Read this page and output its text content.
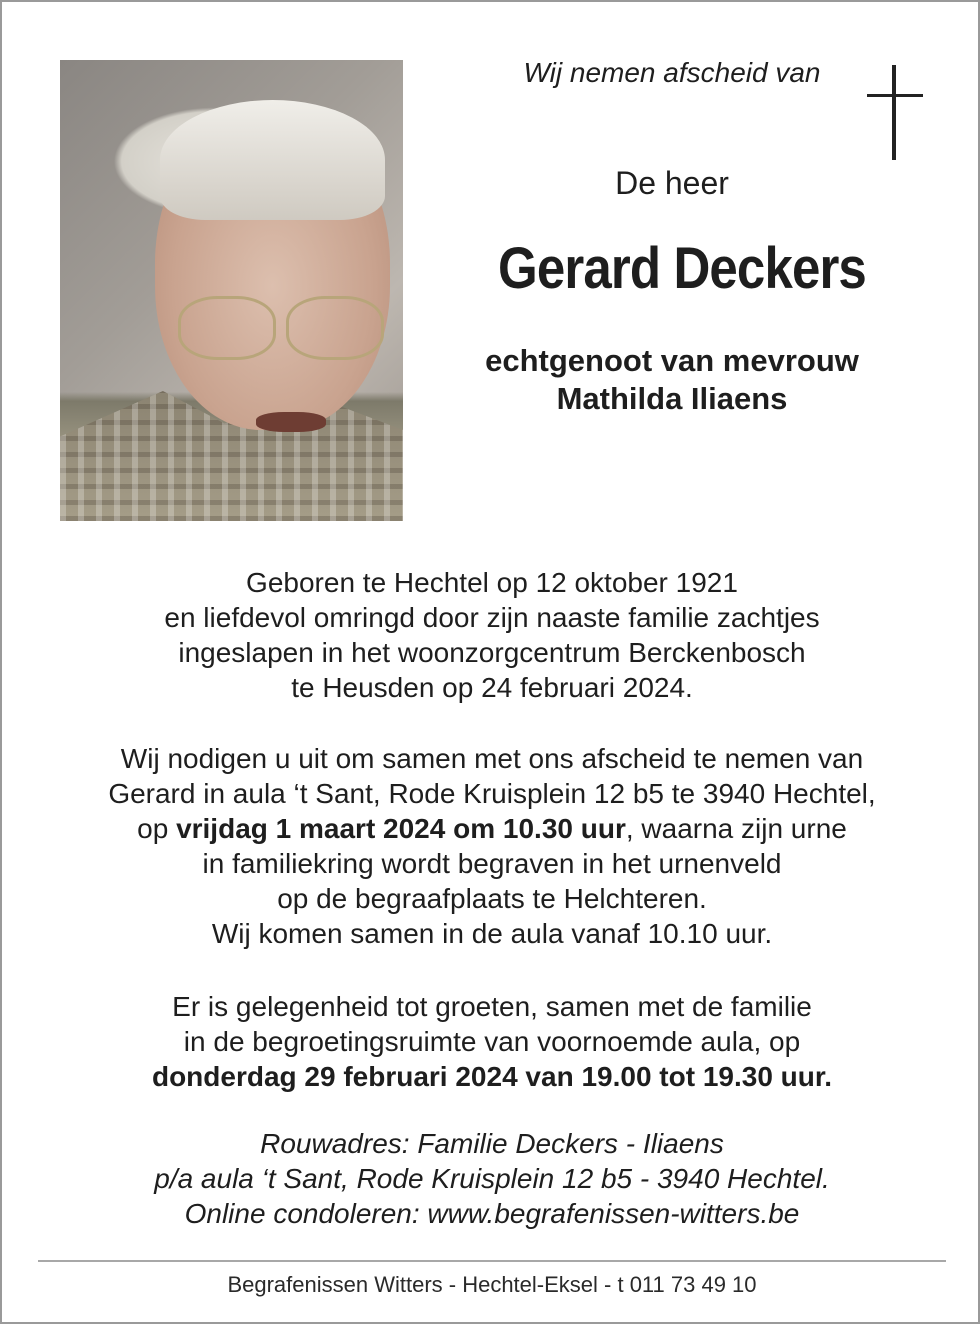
Wij nemen afscheid van
De heer
Gerard Deckers
echtgenoot van mevrouw
Mathilda Iliaens
Geboren te Hechtel op 12 oktober 1921
en liefdevol omringd door zijn naaste familie zachtjes
ingeslapen in het woonzorgcentrum Berckenbosch
te Heusden op 24 februari 2024.
Wij nodigen u uit om samen met ons afscheid te nemen van
Gerard in aula ‘t Sant, Rode Kruisplein 12 b5 te 3940 Hechtel,
op vrijdag 1 maart 2024 om 10.30 uur, waarna zijn urne
in familiekring wordt begraven in het urnenveld
op de begraafplaats te Helchteren.
Wij komen samen in de aula vanaf 10.10 uur.
Er is gelegenheid tot groeten, samen met de familie
in de begroetingsruimte van voornoemde aula, op
donderdag 29 februari 2024 van 19.00 tot 19.30 uur.
Rouwadres: Familie Deckers - Iliaens
p/a aula ‘t Sant, Rode Kruisplein 12 b5 - 3940 Hechtel.
Online condoleren: www.begrafenissen-witters.be
Begrafenissen Witters - Hechtel-Eksel - t 011 73 49 10
